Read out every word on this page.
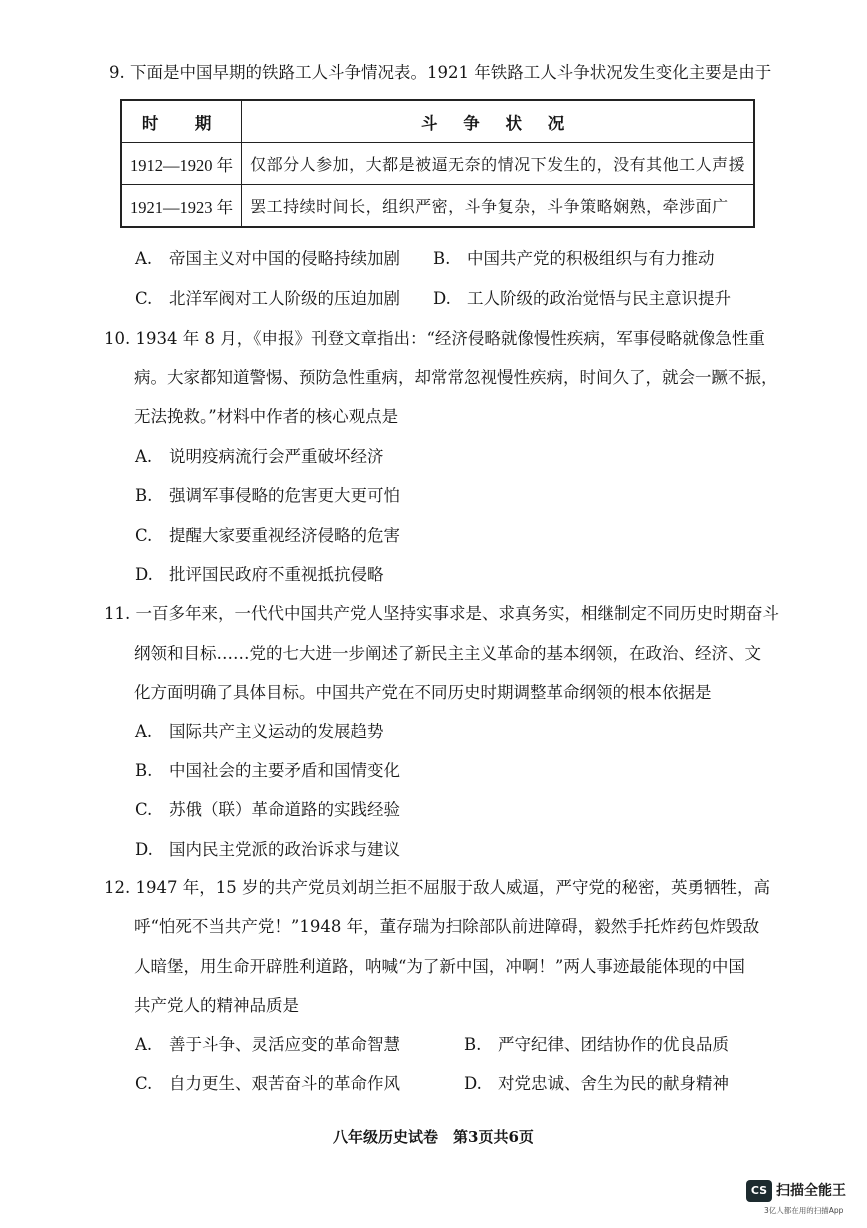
9. 下面是中国早期的铁路工人斗争情况表。1921 年铁路工人斗争状况发生变化主要是由于
时　期	斗 争 状 况
1912—1920 年	仅部分人参加，大都是被逼无奈的情况下发生的，没有其他工人声援
1921—1923 年	罢工持续时间长，组织严密，斗争复杂，斗争策略娴熟，牵涉面广
A. 帝国主义对中国的侵略持续加剧 B. 中国共产党的积极组织与有力推动
C. 北洋军阀对工人阶级的压迫加剧 D. 工人阶级的政治觉悟与民主意识提升
10. 1934 年 8 月，《申报》刊登文章指出：“经济侵略就像慢性疾病，军事侵略就像急性重
病。大家都知道警惕、预防急性重病，却常常忽视慢性疾病，时间久了，就会一蹶不振，
无法挽救。”材料中作者的核心观点是
A. 说明疫病流行会严重破坏经济
B. 强调军事侵略的危害更大更可怕
C. 提醒大家要重视经济侵略的危害
D. 批评国民政府不重视抵抗侵略
11. 一百多年来，一代代中国共产党人坚持实事求是、求真务实，相继制定不同历史时期奋斗
纲领和目标……党的七大进一步阐述了新民主主义革命的基本纲领，在政治、经济、文
化方面明确了具体目标。中国共产党在不同历史时期调整革命纲领的根本依据是
A. 国际共产主义运动的发展趋势
B. 中国社会的主要矛盾和国情变化
C. 苏俄（联）革命道路的实践经验
D. 国内民主党派的政治诉求与建议
12. 1947 年，15 岁的共产党员刘胡兰拒不屈服于敌人威逼，严守党的秘密，英勇牺牲，高
呼“怕死不当共产党！”1948 年，董存瑞为扫除部队前进障碍，毅然手托炸药包炸毁敌
人暗堡，用生命开辟胜利道路，呐喊“为了新中国，冲啊！”两人事迹最能体现的中国
共产党人的精神品质是
A. 善于斗争、灵活应变的革命智慧	B. 严守纪律、团结协作的优良品质
C. 自力更生、艰苦奋斗的革命作风	D. 对党忠诚、舍生为民的献身精神
八年级历史试卷　第3页共6页
CS 扫描全能王
3亿人都在用的扫描App
